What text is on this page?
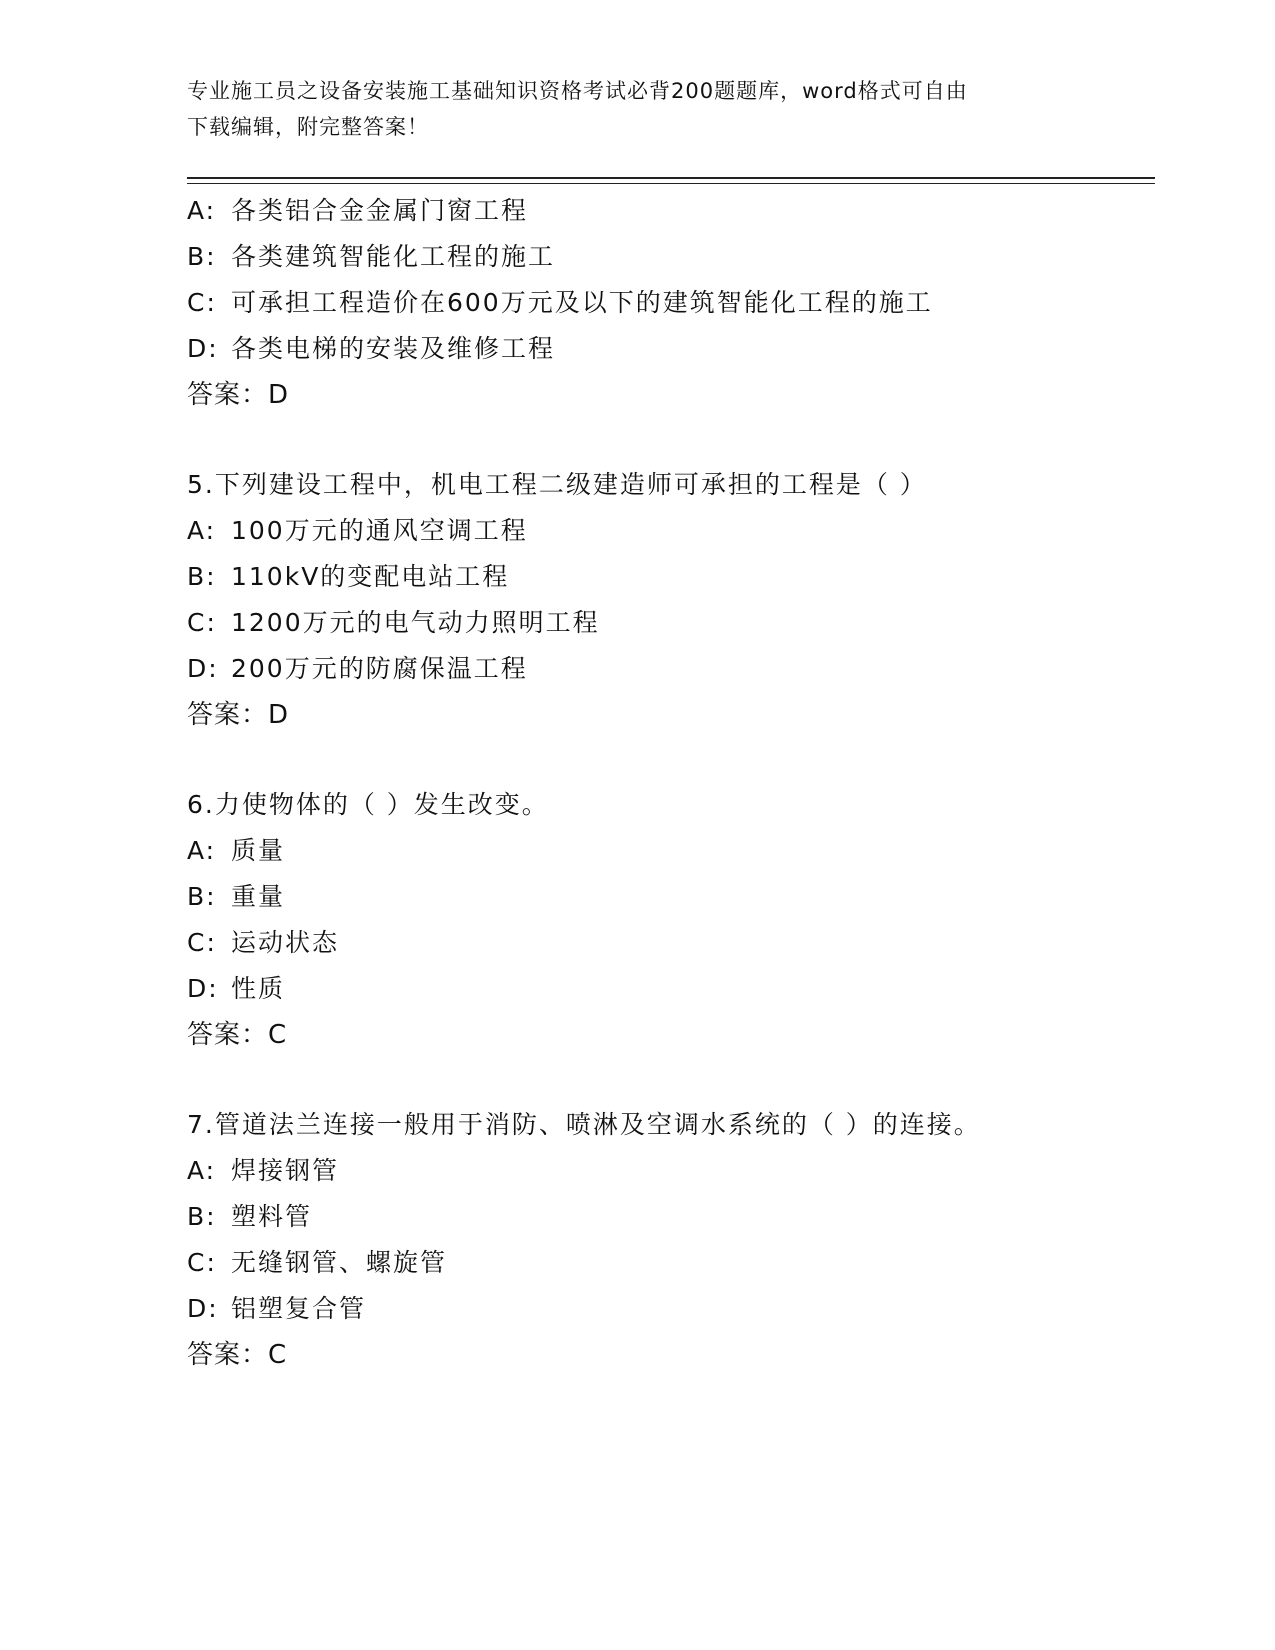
专业施工员之设备安装施工基础知识资格考试必背200题题库，word格式可自由
下载编辑，附完整答案！
A: 各类铝合金金属门窗工程
B: 各类建筑智能化工程的施工
C: 可承担工程造价在600万元及以下的建筑智能化工程的施工
D: 各类电梯的安装及维修工程
答案：D
5.下列建设工程中，机电工程二级建造师可承担的工程是（ ）
A: 100万元的通风空调工程
B: 110kV的变配电站工程
C: 1200万元的电气动力照明工程
D: 200万元的防腐保温工程
答案：D
6.力使物体的（ ）发生改变。
A: 质量
B: 重量
C: 运动状态
D: 性质
答案：C
7.管道法兰连接一般用于消防、喷淋及空调水系统的（ ）的连接。
A: 焊接钢管
B: 塑料管
C: 无缝钢管、螺旋管
D: 铝塑复合管
答案：C
